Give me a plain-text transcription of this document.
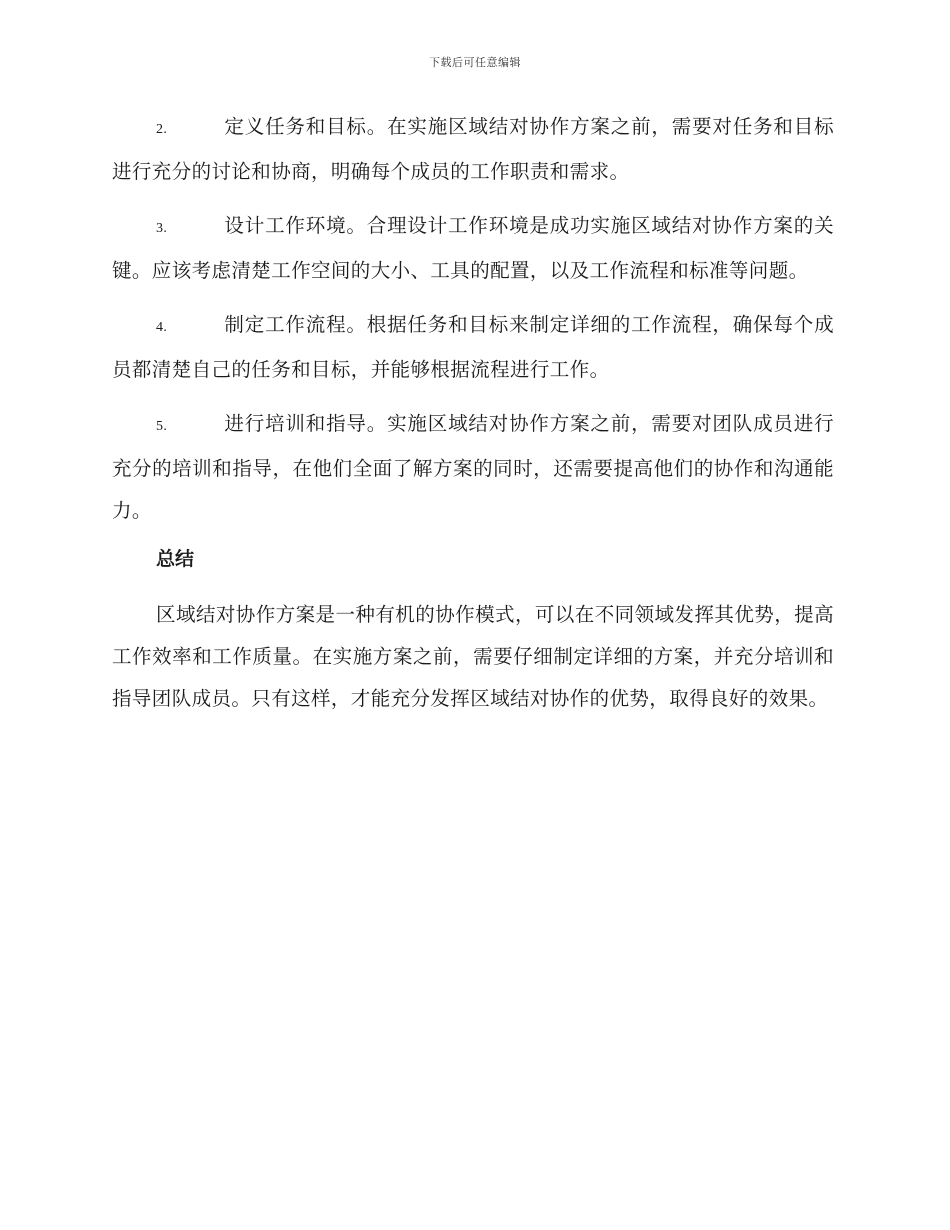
下载后可任意编辑

2.	定义任务和目标。在实施区域结对协作方案之前，需要对任务和目标进行充分的讨论和协商，明确每个成员的工作职责和需求。

3.	设计工作环境。合理设计工作环境是成功实施区域结对协作方案的关键。应该考虑清楚工作空间的大小、工具的配置，以及工作流程和标准等问题。

4.	制定工作流程。根据任务和目标来制定详细的工作流程，确保每个成员都清楚自己的任务和目标，并能够根据流程进行工作。

5.	进行培训和指导。实施区域结对协作方案之前，需要对团队成员进行充分的培训和指导，在他们全面了解方案的同时，还需要提高他们的协作和沟通能力。

总结

区域结对协作方案是一种有机的协作模式，可以在不同领域发挥其优势，提高工作效率和工作质量。在实施方案之前，需要仔细制定详细的方案，并充分培训和指导团队成员。只有这样，才能充分发挥区域结对协作的优势，取得良好的效果。
